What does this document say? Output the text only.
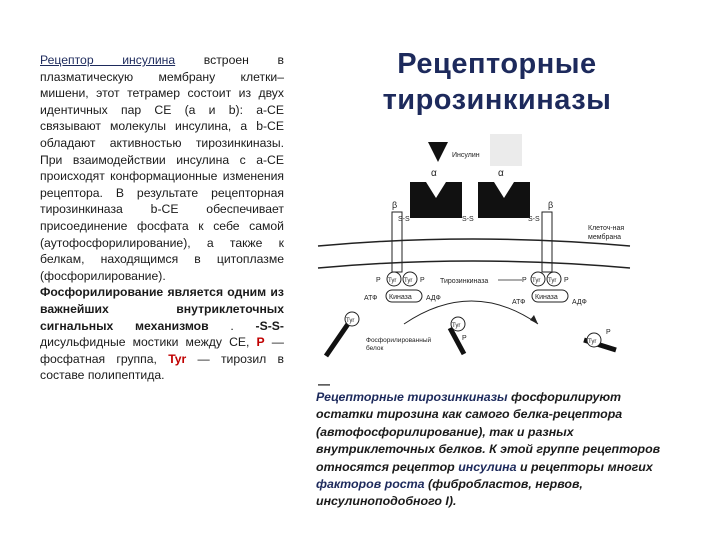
Рецептор инсулина встроен в плазматическую мембрану клетки–мишени, этот тетрамер состоит из двух идентичных пар СЕ (а и b): a‑СЕ связывают молекулы инсулина, а b‑СЕ обладают активностью тирозинкиназы. При взаимодействии инсулина с а‑СЕ происходят конформационные изменения рецептора. В результате рецепторная тирозинкиназа b‑СЕ обеспечивает присоединение фосфата к себе самой (аутофосфорилирование), а также к белкам, находящимся в цитоплазме (фосфорилирование).
Фосфорилирование является одним из важнейших внутриклеточных сигнальных механизмов . -S-S- дисульфидные мостики между СЕ, P — фосфатная группа, Tyr — тирозил в составе полипептида.
Рецепторные
тирозинкиназы
Инсулин
α	α
β	β
S-S	S-S	S-S
Клеточ-ная
мембрана
P Tyr Tyr P Тирозинкиназа	P Tyr Tyr P
Киназа	Киназа
АТФ	АДФ
АТФ	АДФ
Tyr
Фосфорилированный
белок
Tyr
P	Tyr
P
—
Рецепторные тирозинкиназы фосфорилируют остатки тирозина как самого белка-рецептора (автофосфорилирование), так и разных внутриклеточных белков. К этой группе рецепторов относятся рецептор инсулина и рецепторы многих факторов роста (фибробластов, нервов, инсулиноподобного I).
